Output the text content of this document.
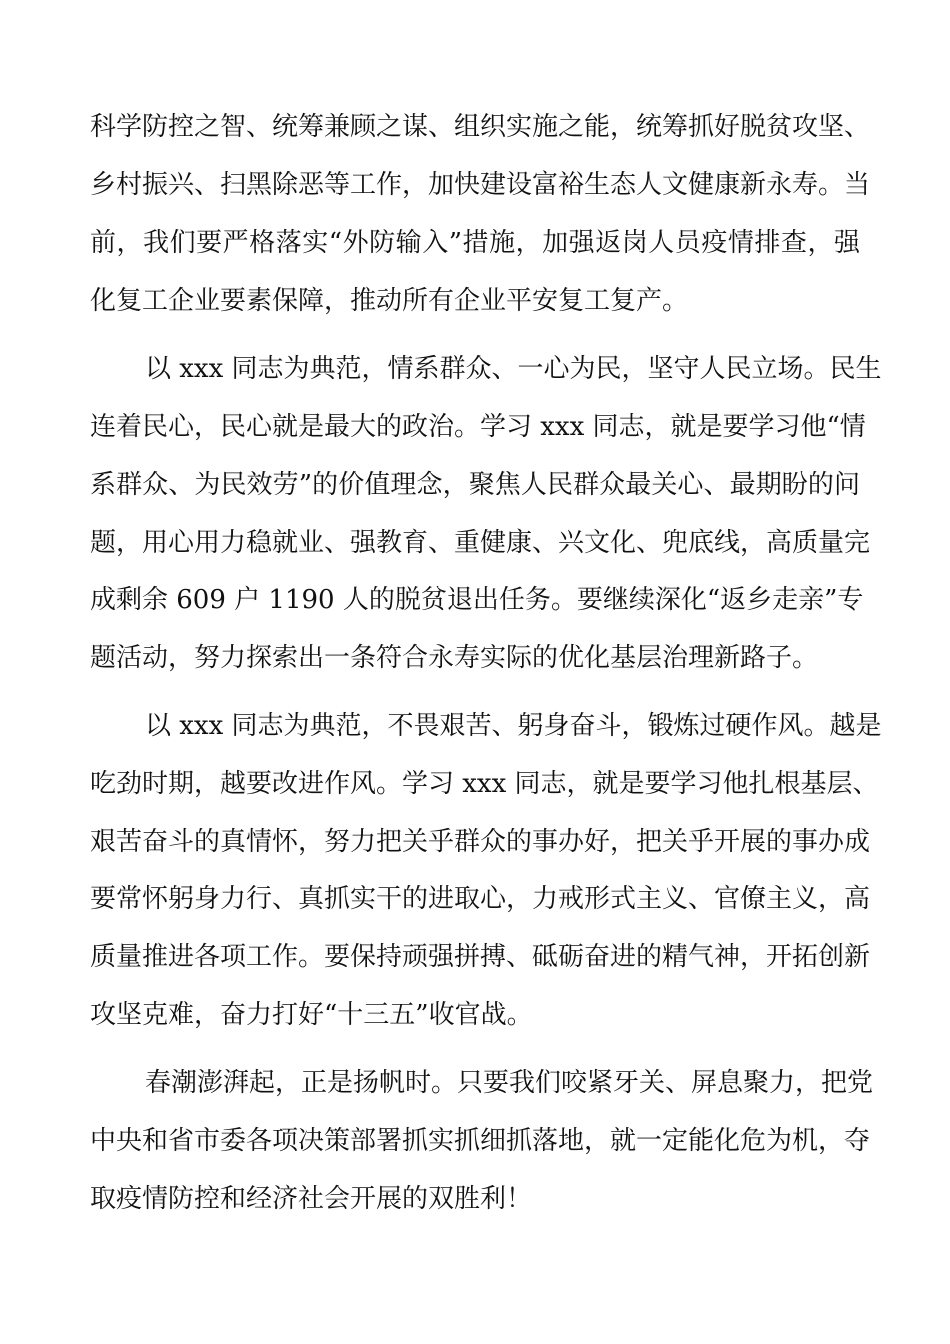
科学防控之智、统筹兼顾之谋、组织实施之能，统筹抓好脱贫攻坚、
乡村振兴、扫黑除恶等工作，加快建设富裕生态人文健康新永寿。当
前，我们要严格落实“外防输入”措施，加强返岗人员疫情排查，强
化复工企业要素保障，推动所有企业平安复工复产。
以 xxx 同志为典范，情系群众、一心为民，坚守人民立场。民生
连着民心，民心就是最大的政治。学习 xxx 同志，就是要学习他“情
系群众、为民效劳”的价值理念，聚焦人民群众最关心、最期盼的问
题，用心用力稳就业、强教育、重健康、兴文化、兜底线，高质量完
成剩余 609 户 1190 人的脱贫退出任务。要继续深化“返乡走亲”专
题活动，努力探索出一条符合永寿实际的优化基层治理新路子。
以 xxx 同志为典范，不畏艰苦、躬身奋斗，锻炼过硬作风。越是
吃劲时期，越要改进作风。学习 xxx 同志，就是要学习他扎根基层、
艰苦奋斗的真情怀，努力把关乎群众的事办好，把关乎开展的事办成
要常怀躬身力行、真抓实干的进取心，力戒形式主义、官僚主义，高
质量推进各项工作。要保持顽强拼搏、砥砺奋进的精气神，开拓创新
攻坚克难，奋力打好“十三五”收官战。
春潮澎湃起，正是扬帆时。只要我们咬紧牙关、屏息聚力，把党
中央和省市委各项决策部署抓实抓细抓落地，就一定能化危为机，夺
取疫情防控和经济社会开展的双胜利！
